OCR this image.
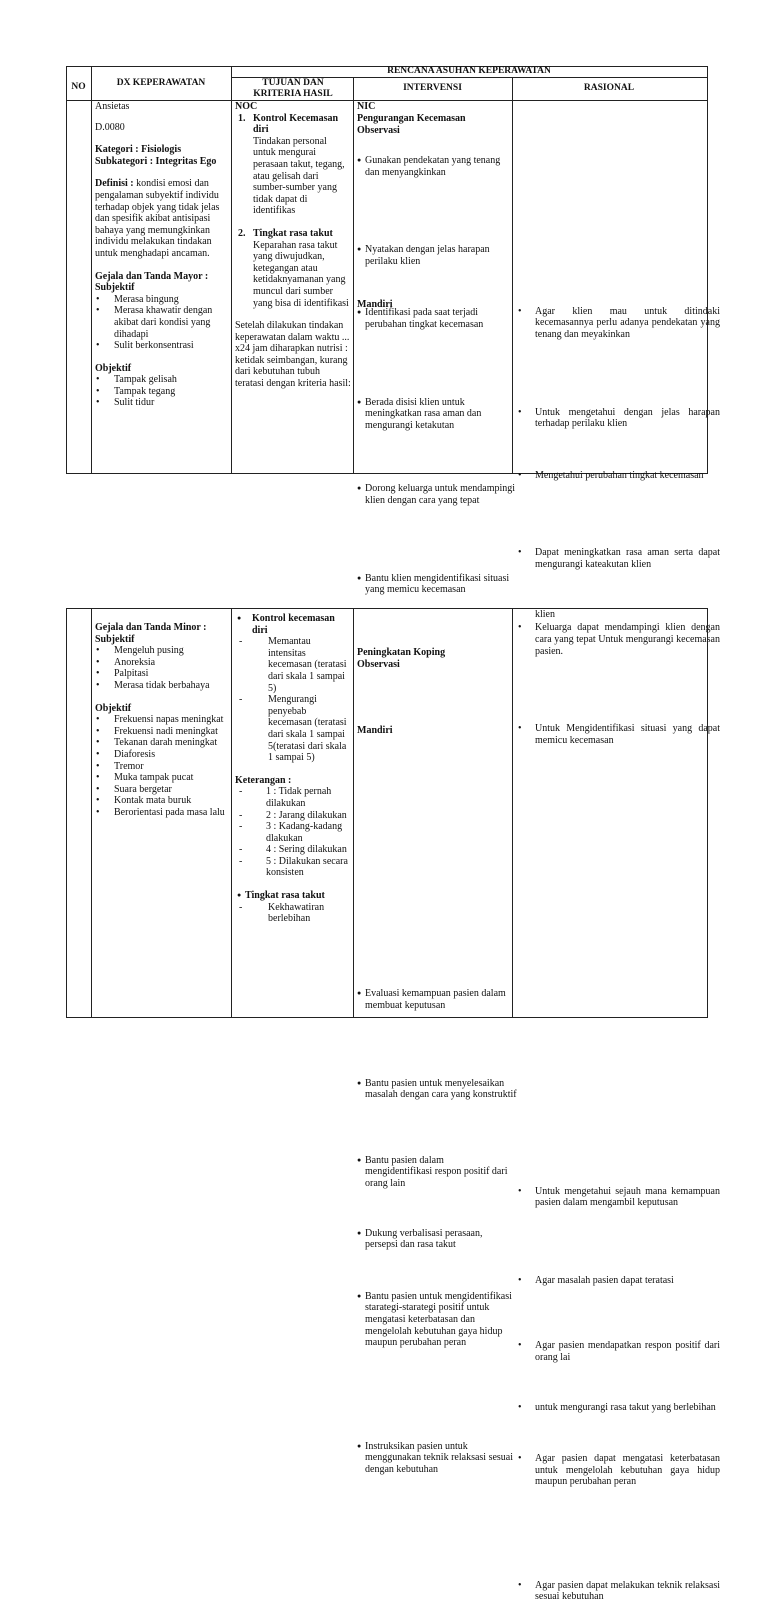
NO	DX KEPERAWATAN
RENCANA ASUHAN KEPERAWATAN
TUJUAN DAN KRITERIA HASIL
INTERVENSI	RASIONAL
Ansietas
D.0080
Kategori : Fisiologis
Subkategori : Integritas Ego
Definisi : kondisi emosi dan pengalaman subyektif individu terhadap objek yang tidak jelas dan spesifik akibat antisipasi bahaya yang memungkinkan individu melakukan tindakan untuk menghadapi ancaman.
Gejala dan Tanda Mayor :
Subjektif
• Merasa bingung
• Merasa khawatir dengan akibat dari kondisi yang dihadapi
• Sulit berkonsentrasi
Objektif
• Tampak gelisah
• Tampak tegang
• Sulit tidur
NOC
1. Kontrol Kecemasan diri
Tindakan personal untuk mengurai perasaan takut, tegang, atau gelisah dari sumber-sumber yang tidak dapat di identifikas
2. Tingkat rasa takut
Keparahan rasa takut yang diwujudkan, ketegangan atau ketidaknyamanan yang muncul dari sumber yang bisa di identifikasi
Setelah dilakukan tindakan keperawatan dalam waktu ... x24 jam diharapkan nutrisi : ketidak seimbangan, kurang dari kebutuhan tubuh teratasi dengan kriteria hasil:
NIC
Pengurangan Kecemasan
Observasi
● Gunakan pendekatan yang tenang dan menyangkinkan
● Nyatakan dengan jelas harapan perilaku klien
● Identifikasi pada saat terjadi perubahan tingkat kecemasan
Mandiri
● Berada disisi klien untuk meningkatkan rasa aman dan mengurangi ketakutan
● Dorong keluarga untuk mendampingi klien dengan cara yang tepat
● Bantu klien mengidentifikasi situasi yang memicu kecemasan
• Agar klien mau untuk ditindaki kecemasannya perlu adanya pendekatan yang tenang dan meyakinkan
• Untuk mengetahui dengan jelas harapan terhadap perilaku klien
• Mengetahui perubahan tingkat kecemasan
• Dapat meningkatkan rasa aman serta dapat mengurangi kateakutan klien
• Keluarga dapat mendampingi klien dengan cara yang tepat Untuk mengurangi kecemasan pasien.
• Untuk Mengidentifikasi situasi yang dapat memicu kecemasan
Gejala dan Tanda Minor :
Subjektif
• Mengeluh pusing
• Anoreksia
• Palpitasi
• Merasa tidak berbahaya
Objektif
• Frekuensi napas meningkat
• Frekuensi nadi meningkat
• Tekanan darah meningkat
• Diaforesis
• Tremor
• Muka tampak pucat
• Suara bergetar
• Kontak mata buruk
• Berorientasi pada masa lalu
● Kontrol kecemasan diri
- Memantau intensitas kecemasan (teratasi dari skala 1 sampai 5)
- Mengurangi penyebab kecemasan (teratasi dari skala 1 sampai 5(teratasi dari skala 1 sampai 5)
Keterangan :
- 1 : Tidak pernah dilakukan
- 2 : Jarang dilakukan
- 3 : Kadang-kadang dlakukan
- 4 : Sering dilakukan
- 5 : Dilakukan secara konsisten
● Tingkat rasa takut
- Kekhawatiran berlebihan
Peningkatan Koping
Observasi
● Evaluasi kemampuan pasien dalam membuat keputusan
Mandiri
● Bantu pasien untuk menyelesaikan masalah dengan cara yang konstruktif
● Bantu pasien dalam mengidentifikasi respon positif dari orang lain
● Dukung verbalisasi perasaan, persepsi dan rasa takut
● Bantu pasien untuk mengidentifikasi starategi-starategi positif untuk mengatasi keterbatasan dan mengelolah kebutuhan gaya hidup maupun perubahan peran
● Instruksikan pasien untuk menggunakan teknik relaksasi sesuai dengan kebutuhan
klien
• Untuk mengetahui sejauh mana kemampuan pasien dalam mengambil keputusan
• Agar masalah pasien dapat teratasi
• Agar pasien mendapatkan respon positif dari orang lai
• untuk mengurangi rasa takut yang berlebihan
• Agar pasien dapat mengatasi keterbatasan untuk mengelolah kebutuhan gaya hidup maupun perubahan peran
• Agar pasien dapat melakukan teknik relaksasi sesuai kebutuhan
